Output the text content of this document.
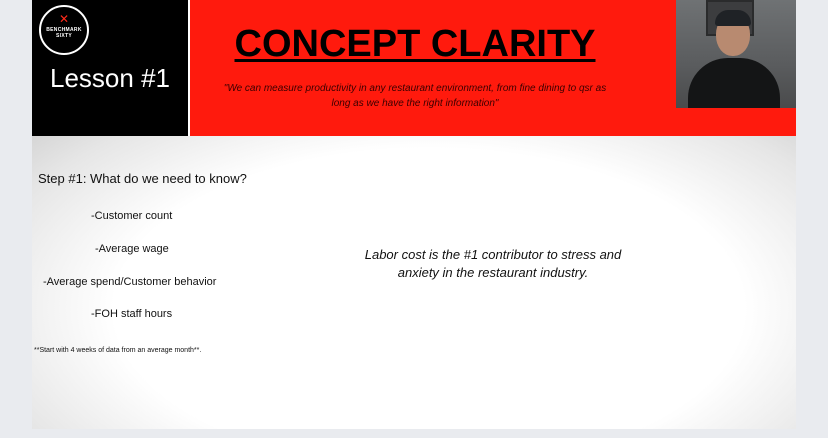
✕
BENCHMARK
SIXTY
Lesson #1
CONCEPT CLARITY
"We can measure productivity in any restaurant environment, from fine dining to qsr as long as we have the right information"
Step #1: What do we need to know?
-Customer count
-Average wage
-Average spend/Customer behavior
-FOH staff hours
**Start with 4 weeks of data from an average month**.
Labor cost is the #1 contributor to stress and anxiety in the restaurant industry.
